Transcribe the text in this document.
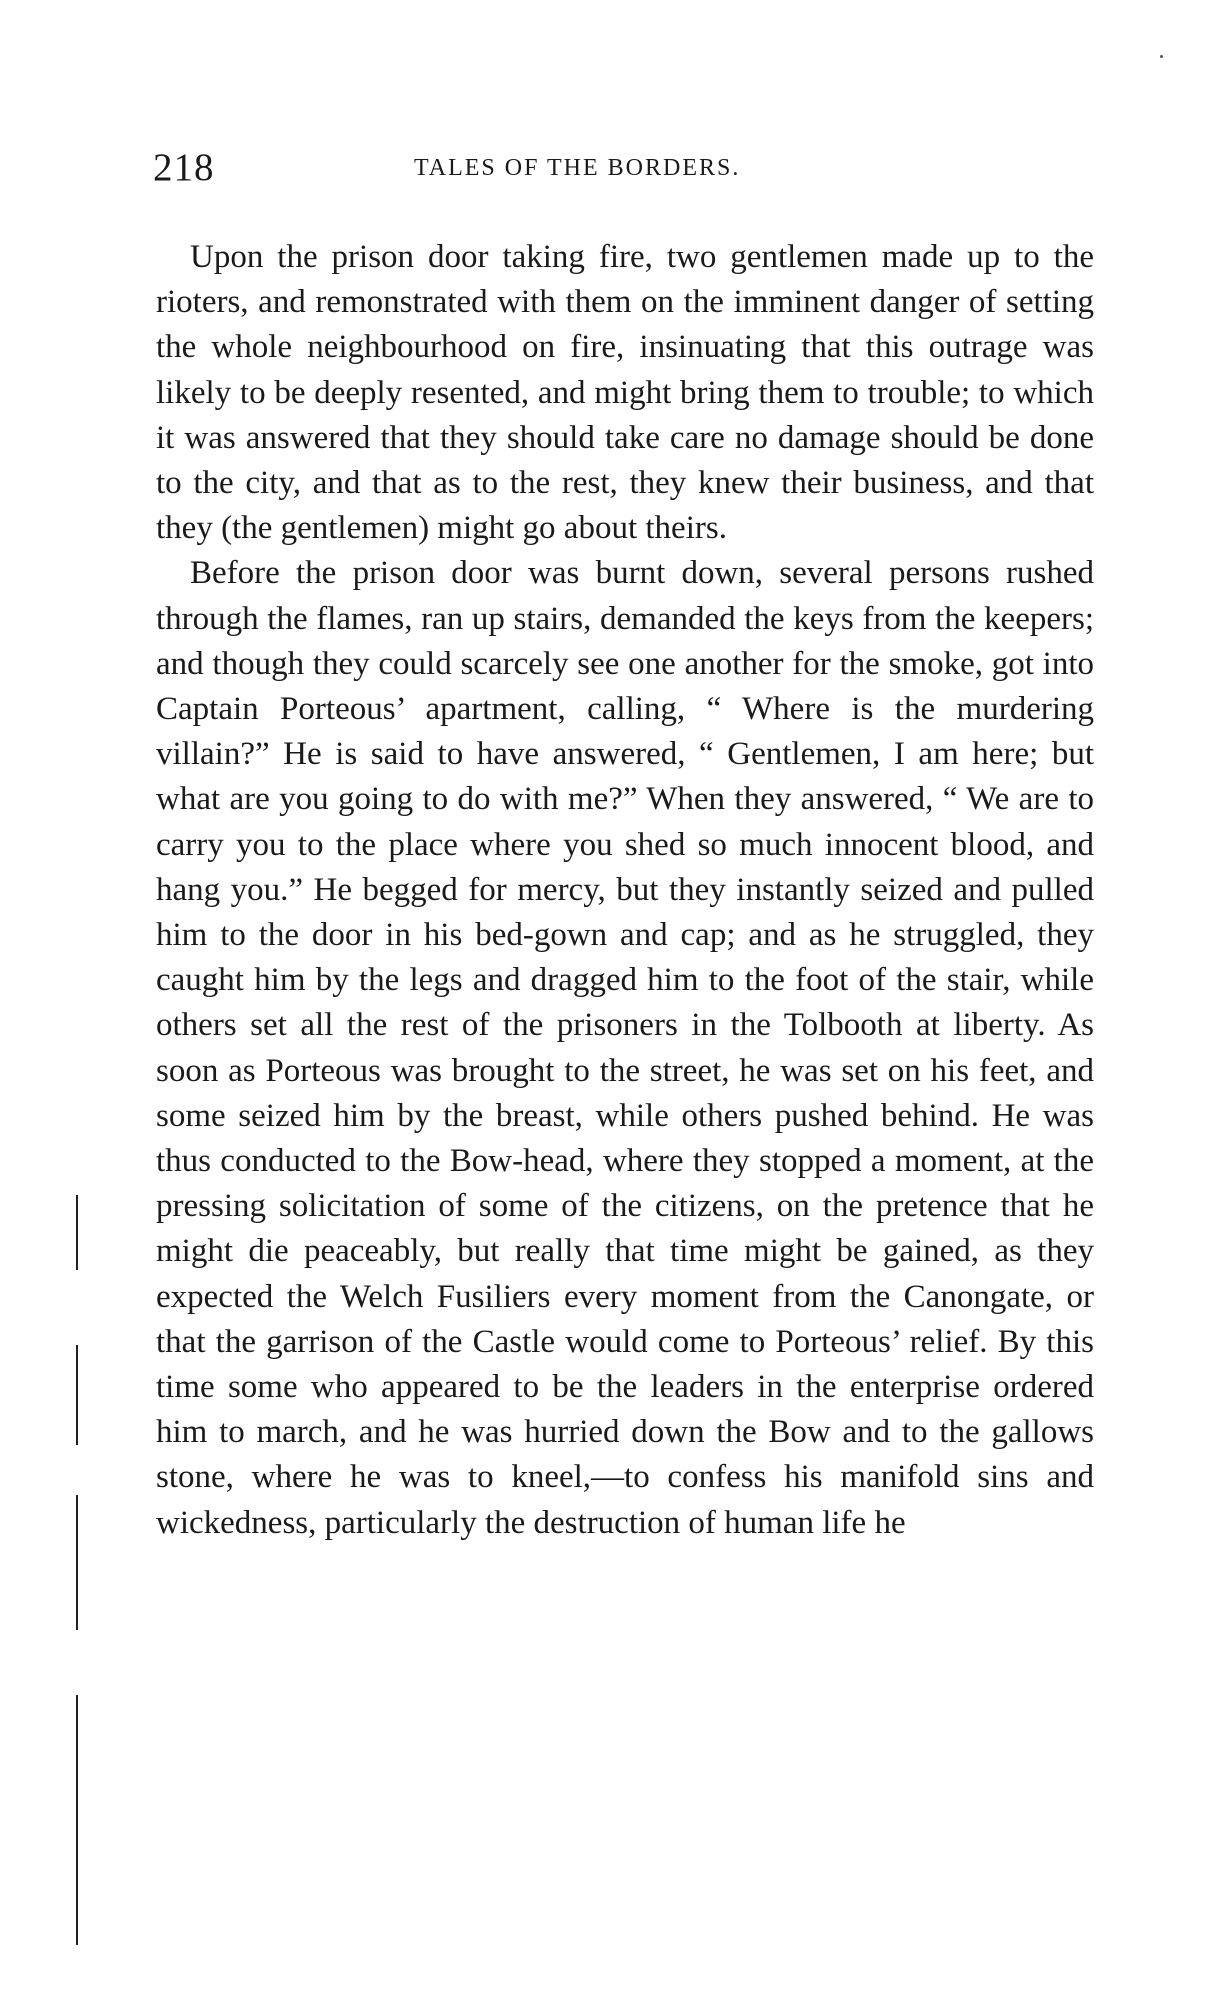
218	TALES OF THE BORDERS.

Upon the prison door taking fire, two gentlemen made up to the rioters, and remonstrated with them on the imminent danger of setting the whole neighbourhood on fire, insinuating that this outrage was likely to be deeply resented, and might bring them to trouble; to which it was answered that they should take care no damage should be done to the city, and that as to the rest, they knew their business, and that they (the gentlemen) might go about theirs.

Before the prison door was burnt down, several persons rushed through the flames, ran up stairs, demanded the keys from the keepers; and though they could scarcely see one another for the smoke, got into Captain Porteous’ apartment, calling, “ Where is the murdering villain?” He is said to have answered, “ Gentlemen, I am here; but what are you going to do with me?” When they answered, “ We are to carry you to the place where you shed so much innocent blood, and hang you.” He begged for mercy, but they instantly seized and pulled him to the door in his bed-gown and cap; and as he struggled, they caught him by the legs and dragged him to the foot of the stair, while others set all the rest of the prisoners in the Tolbooth at liberty. As soon as Porteous was brought to the street, he was set on his feet, and some seized him by the breast, while others pushed behind. He was thus conducted to the Bow-head, where they stopped a moment, at the pressing solicitation of some of the citizens, on the pretence that he might die peaceably, but really that time might be gained, as they expected the Welch Fusiliers every moment from the Canongate, or that the garrison of the Castle would come to Porteous’ relief. By this time some who appeared to be the leaders in the enterprise ordered him to march, and he was hurried down the Bow and to the gallows stone, where he was to kneel,—to confess his manifold sins and wickedness, particularly the destruction of human life he
